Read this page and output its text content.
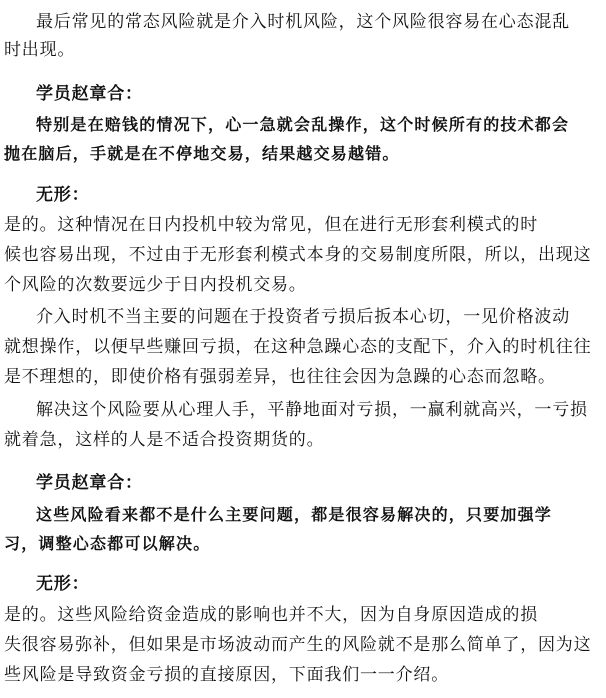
最后常见的常态风险就是介入时机风险，这个风险很容易在心态混乱
时出现。
学员赵章合：
特别是在赔钱的情况下，心一急就会乱操作，这个时候所有的技术都会
抛在脑后，手就是在不停地交易，结果越交易越错。
无形：
是的。这种情况在日内投机中较为常见，但在进行无形套利模式的时
候也容易出现，不过由于无形套利模式本身的交易制度所限，所以，出现这
个风险的次数要远少于日内投机交易。
介入时机不当主要的问题在于投资者亏损后扳本心切，一见价格波动
就想操作，以便早些赚回亏损，在这种急躁心态的支配下，介入的时机往往
是不理想的，即使价格有强弱差异，也往往会因为急躁的心态而忽略。
解决这个风险要从心理人手，平静地面对亏损，一赢利就高兴，一亏损
就着急，这样的人是不适合投资期货的。
学员赵章合：
这些风险看来都不是什么主要问题，都是很容易解决的，只要加强学
习，调整心态都可以解决。
无形：
是的。这些风险给资金造成的影响也并不大，因为自身原因造成的损
失很容易弥补，但如果是市场波动而产生的风险就不是那么简单了，因为这
些风险是导致资金亏损的直接原因，下面我们一一介绍。
